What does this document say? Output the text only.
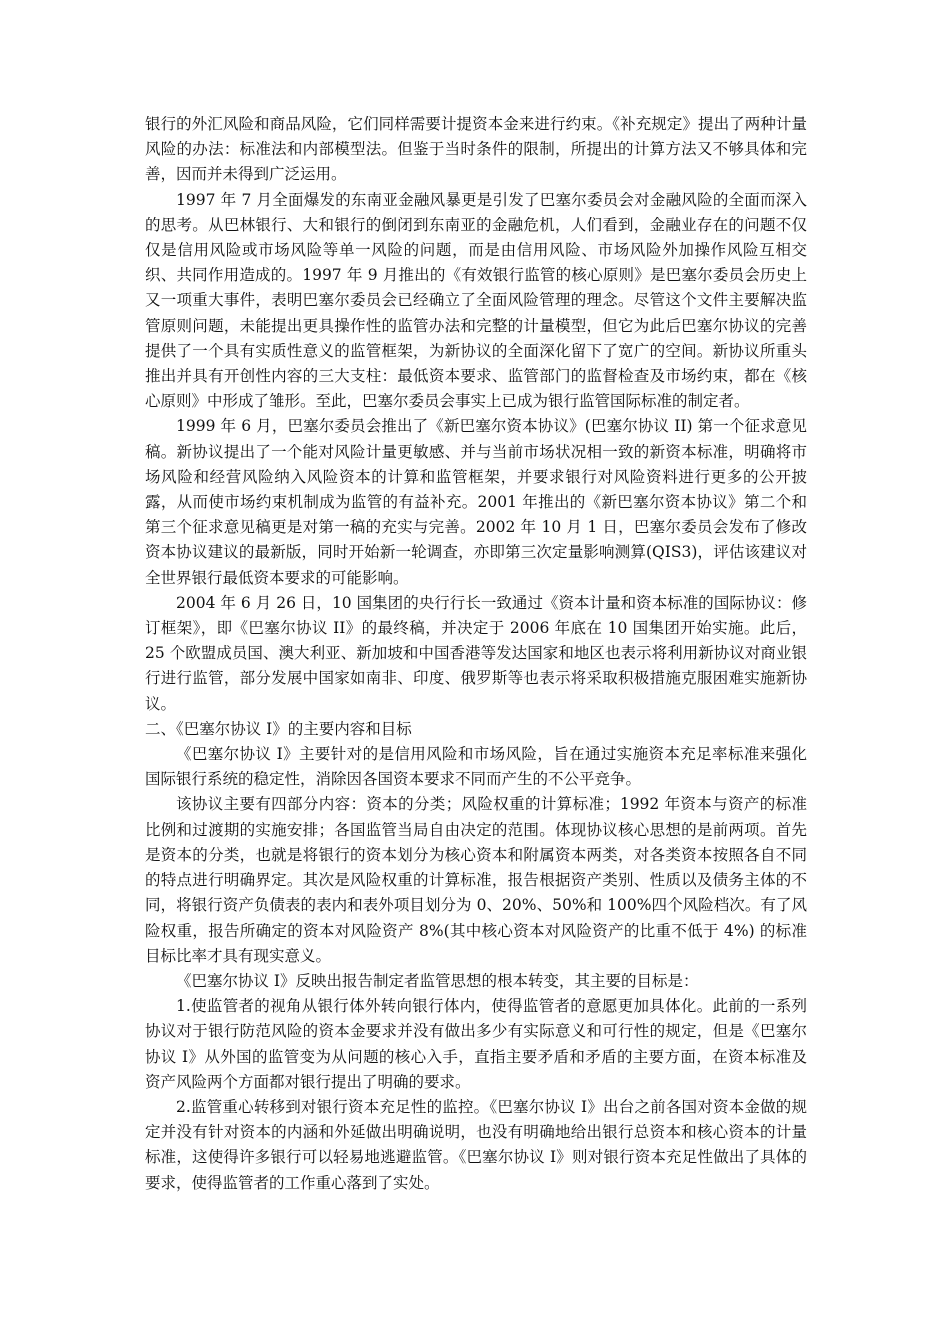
银行的外汇风险和商品风险，它们同样需要计提资本金来进行约束。《补充规定》提出了两种计量风险的办法：标准法和内部模型法。但鉴于当时条件的限制，所提出的计算方法又不够具体和完善，因而并未得到广泛运用。

1997 年 7 月全面爆发的东南亚金融风暴更是引发了巴塞尔委员会对金融风险的全面而深入的思考。从巴林银行、大和银行的倒闭到东南亚的金融危机，人们看到，金融业存在的问题不仅仅是信用风险或市场风险等单一风险的问题，而是由信用风险、市场风险外加操作风险互相交织、共同作用造成的。1997 年 9 月推出的《有效银行监管的核心原则》是巴塞尔委员会历史上又一项重大事件，表明巴塞尔委员会已经确立了全面风险管理的理念。尽管这个文件主要解决监管原则问题，未能提出更具操作性的监管办法和完整的计量模型，但它为此后巴塞尔协议的完善提供了一个具有实质性意义的监管框架，为新协议的全面深化留下了宽广的空间。新协议所重头推出并具有开创性内容的三大支柱：最低资本要求、监管部门的监督检查及市场约束，都在《核心原则》中形成了雏形。至此，巴塞尔委员会事实上已成为银行监管国际标准的制定者。

1999 年 6 月，巴塞尔委员会推出了《新巴塞尔资本协议》(巴塞尔协议 II) 第一个征求意见稿。新协议提出了一个能对风险计量更敏感、并与当前市场状况相一致的新资本标准，明确将市场风险和经营风险纳入风险资本的计算和监管框架，并要求银行对风险资料进行更多的公开披露，从而使市场约束机制成为监管的有益补充。2001 年推出的《新巴塞尔资本协议》第二个和第三个征求意见稿更是对第一稿的充实与完善。2002 年 10 月 1 日，巴塞尔委员会发布了修改资本协议建议的最新版，同时开始新一轮调查，亦即第三次定量影响测算(QIS3)，评估该建议对全世界银行最低资本要求的可能影响。

2004 年 6 月 26 日，10 国集团的央行行长一致通过《资本计量和资本标准的国际协议：修订框架》，即《巴塞尔协议 II》的最终稿，并决定于 2006 年底在 10 国集团开始实施。此后，25 个欧盟成员国、澳大利亚、新加坡和中国香港等发达国家和地区也表示将利用新协议对商业银行进行监管，部分发展中国家如南非、印度、俄罗斯等也表示将采取积极措施克服困难实施新协议。

二、《巴塞尔协议 I》的主要内容和目标

《巴塞尔协议 I》主要针对的是信用风险和市场风险，旨在通过实施资本充足率标准来强化国际银行系统的稳定性，消除因各国资本要求不同而产生的不公平竞争。

该协议主要有四部分内容：资本的分类；风险权重的计算标准；1992 年资本与资产的标准比例和过渡期的实施安排；各国监管当局自由决定的范围。体现协议核心思想的是前两项。首先是资本的分类，也就是将银行的资本划分为核心资本和附属资本两类，对各类资本按照各自不同的特点进行明确界定。其次是风险权重的计算标准，报告根据资产类别、性质以及债务主体的不同，将银行资产负债表的表内和表外项目划分为 0、20%、50%和 100%四个风险档次。有了风险权重，报告所确定的资本对风险资产 8%(其中核心资本对风险资产的比重不低于 4%) 的标准目标比率才具有现实意义。

《巴塞尔协议 I》反映出报告制定者监管思想的根本转变，其主要的目标是：

1.使监管者的视角从银行体外转向银行体内，使得监管者的意愿更加具体化。此前的一系列协议对于银行防范风险的资本金要求并没有做出多少有实际意义和可行性的规定，但是《巴塞尔协议 I》从外国的监管变为从问题的核心入手，直指主要矛盾和矛盾的主要方面，在资本标准及资产风险两个方面都对银行提出了明确的要求。

2.监管重心转移到对银行资本充足性的监控。《巴塞尔协议 I》出台之前各国对资本金做的规定并没有针对资本的内涵和外延做出明确说明，也没有明确地给出银行总资本和核心资本的计量标准，这使得许多银行可以轻易地逃避监管。《巴塞尔协议 I》则对银行资本充足性做出了具体的要求，使得监管者的工作重心落到了实处。
